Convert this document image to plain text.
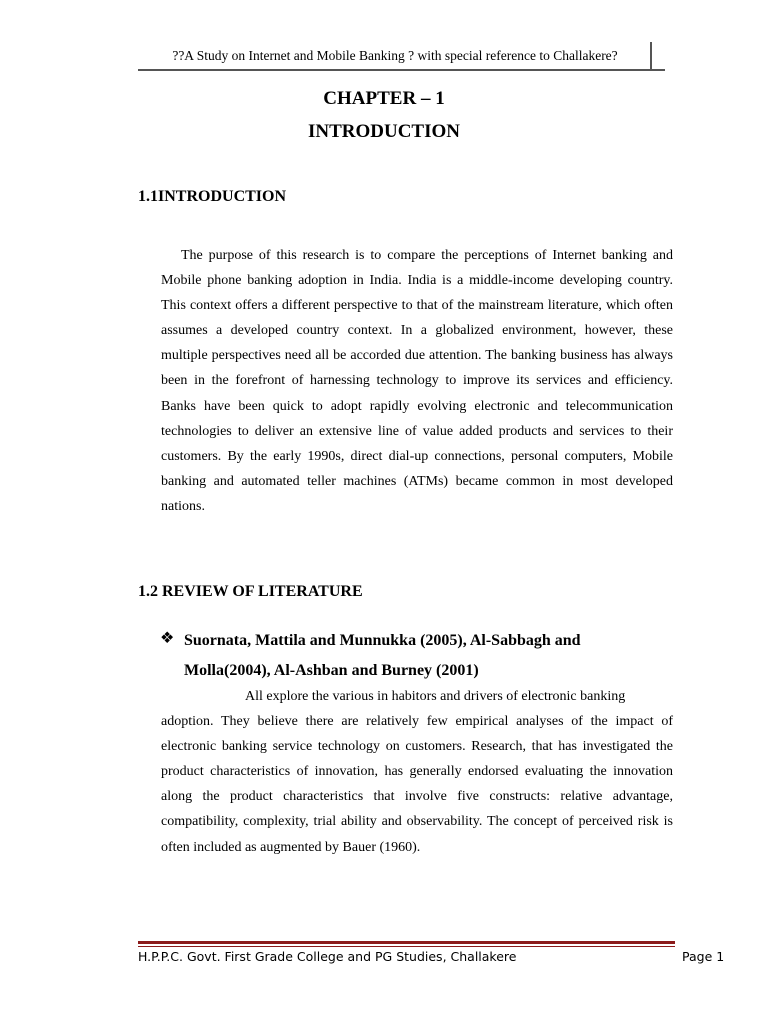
??A Study on Internet and Mobile Banking ? with special reference to Challakere?
CHAPTER – 1
INTRODUCTION
1.1INTRODUCTION
The purpose of this research is to compare the perceptions of Internet banking and Mobile phone banking adoption in India. India is a middle-income developing country. This context offers a different perspective to that of the mainstream literature, which often assumes a developed country context. In a globalized environment, however, these multiple perspectives need all be accorded due attention. The banking business has always been in the forefront of harnessing technology to improve its services and efficiency. Banks have been quick to adopt rapidly evolving electronic and telecommunication technologies to deliver an extensive line of value added products and services to their customers. By the early 1990s, direct dial-up connections, personal computers, Mobile banking and automated teller machines (ATMs) became common in most developed nations.
1.2 REVIEW OF LITERATURE
❖ Suornata, Mattila and Munnukka (2005), Al-Sabbagh and Molla(2004), Al-Ashban and Burney (2001)
All explore the various in habitors and drivers of electronic banking
adoption. They believe there are relatively few empirical analyses of the impact of electronic banking service technology on customers. Research, that has investigated the product characteristics of innovation, has generally endorsed evaluating the innovation along the product characteristics that involve five constructs: relative advantage, compatibility, complexity, trial ability and observability. The concept of perceived risk is often included as augmented by Bauer (1960).
H.P.P.C. Govt. First Grade College and PG Studies, Challakere	Page 1
